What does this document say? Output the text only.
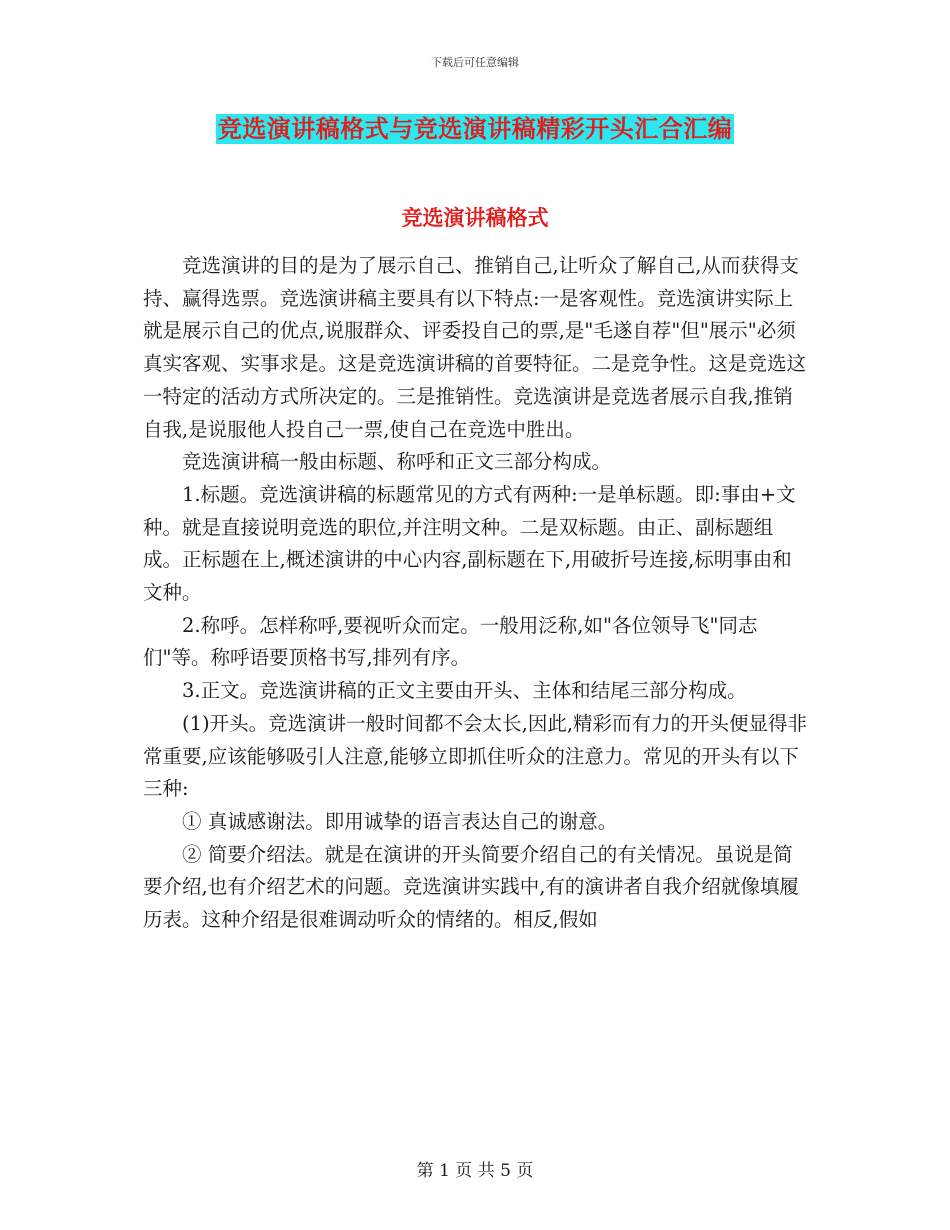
下载后可任意编辑
竞选演讲稿格式与竞选演讲稿精彩开头汇合汇编
竞选演讲稿格式

竞选演讲的目的是为了展示自己、推销自己,让听众了解自己,从而获得支持、赢得选票。竞选演讲稿主要具有以下特点:一是客观性。竞选演讲实际上就是展示自己的优点,说服群众、评委投自己的票,是"毛遂自荐"但"展示"必须真实客观、实事求是。这是竞选演讲稿的首要特征。二是竞争性。这是竞选这一特定的活动方式所决定的。三是推销性。竞选演讲是竞选者展示自我,推销自我,是说服他人投自己一票,使自己在竞选中胜出。

竞选演讲稿一般由标题、称呼和正文三部分构成。

1.标题。竞选演讲稿的标题常见的方式有两种:一是单标题。即:事由+文种。就是直接说明竞选的职位,并注明文种。二是双标题。由正、副标题组成。正标题在上,概述演讲的中心内容,副标题在下,用破折号连接,标明事由和文种。

2.称呼。怎样称呼,要视听众而定。一般用泛称,如"各位领导飞"同志们"等。称呼语要顶格书写,排列有序。

3.正文。竞选演讲稿的正文主要由开头、主体和结尾三部分构成。

(1)开头。竞选演讲一般时间都不会太长,因此,精彩而有力的开头便显得非常重要,应该能够吸引人注意,能够立即抓住听众的注意力。常见的开头有以下三种:

① 真诚感谢法。即用诚挚的语言表达自己的谢意。

② 简要介绍法。就是在演讲的开头简要介绍自己的有关情况。虽说是简要介绍,也有介绍艺术的问题。竞选演讲实践中,有的演讲者自我介绍就像填履历表。这种介绍是很难调动听众的情绪的。相反,假如

第 1 页 共 5 页
